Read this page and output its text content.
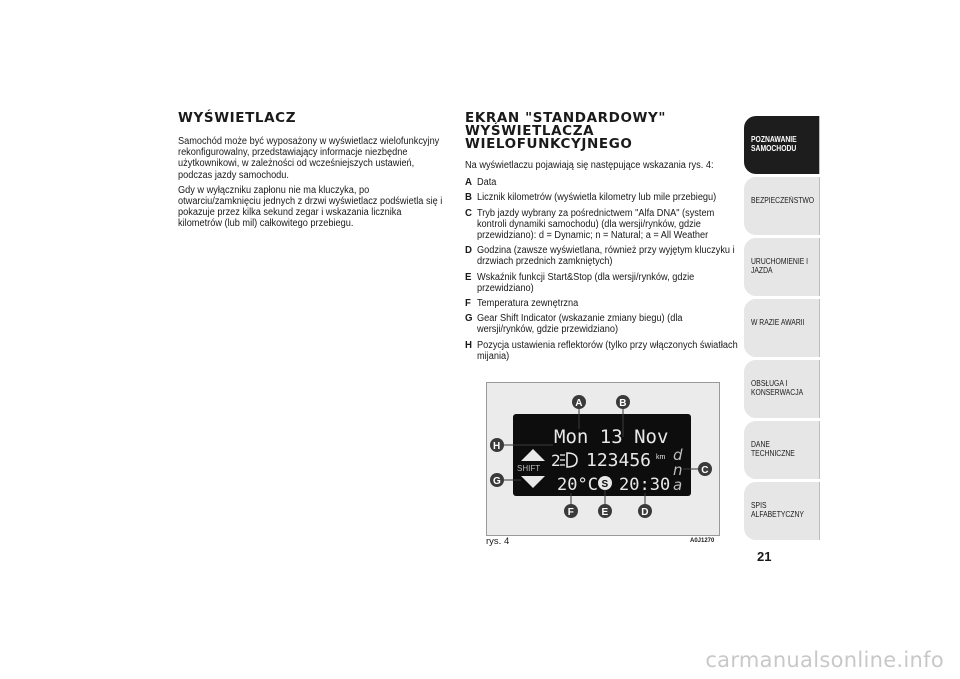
WYŚWIETLACZ

Samochód może być wyposażony w wyświetlacz wielofunkcyjny rekonfigurowalny, przedstawiający informacje niezbędne użytkownikowi, w zależności od wcześniejszych ustawień, podczas jazdy samochodu.

Gdy w wyłączniku zapłonu nie ma kluczyka, po otwarciu/zamknięciu jednych z drzwi wyświetlacz podświetla się i pokazuje przez kilka sekund zegar i wskazania licznika kilometrów (lub mil) całkowitego przebiegu.

EKRAN "STANDARDOWY"
WYŚWIETLACZA WIELOFUNKCYJNEGO

Na wyświetlaczu pojawiają się następujące wskazania rys. 4:

A Data
B Licznik kilometrów (wyświetla kilometry lub mile przebiegu)
C Tryb jazdy wybrany za pośrednictwem "Alfa DNA" (system kontroli dynamiki samochodu) (dla wersji/rynków, gdzie przewidziano): d = Dynamic; n = Natural; a = All Weather
D Godzina (zawsze wyświetlana, również przy wyjętym kluczyku i drzwiach przednich zamkniętych)
E Wskaźnik funkcji Start&Stop (dla wersji/rynków, gdzie przewidziano)
F Temperatura zewnętrzna
G Gear Shift Indicator (wskazanie zmiany biegu) (dla wersji/rynków, gdzie przewidziano)
H Pozycja ustawienia reflektorów (tylko przy włączonych światłach mijania)
Mon 13 Nov
SHIFT 2 123456 km d
n
a
20°C S 20:30
A	B
C
D
E
F
G
H
rys. 4	A0J1270
POZNAWANIE SAMOCHODU
BEZPIECZEŃSTWO
URUCHOMIENIE I JAZDA
W RAZIE AWARII
OBSŁUGA I KONSERWACJA
DANE TECHNICZNE
SPIS ALFABETYCZNY
21
carmanualsonline.info
